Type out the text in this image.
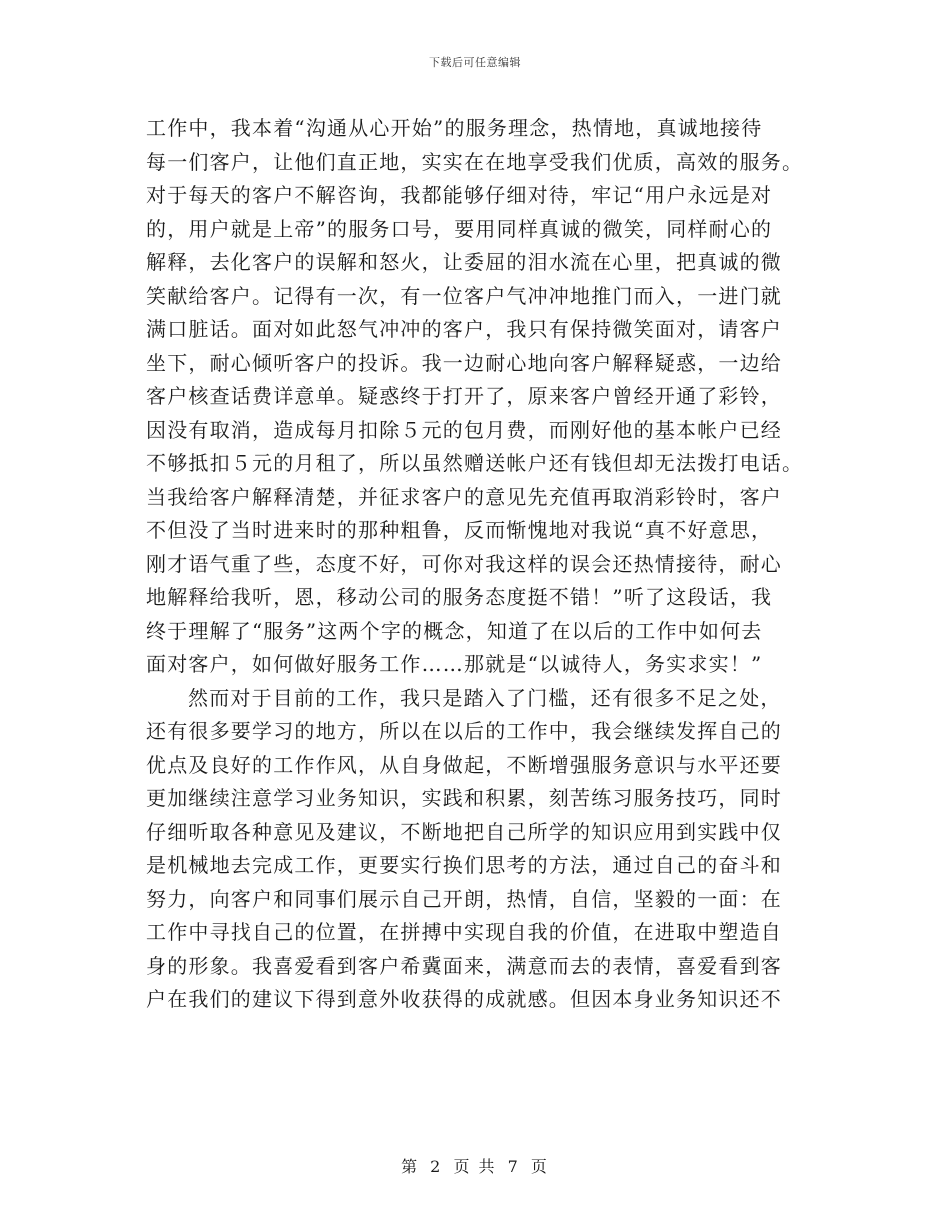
下载后可任意编辑

工作中，我本着“沟通从心开始”的服务理念，热情地，真诚地接待
每一们客户，让他们直正地，实实在在地享受我们优质，高效的服务。
对于每天的客户不解咨询，我都能够仔细对待，牢记“用户永远是对
的，用户就是上帝”的服务口号，要用同样真诚的微笑，同样耐心的
解释，去化客户的误解和怒火，让委屈的泪水流在心里，把真诚的微
笑献给客户。记得有一次，有一位客户气冲冲地推门而入，一进门就
满口脏话。面对如此怒气冲冲的客户，我只有保持微笑面对，请客户
坐下，耐心倾听客户的投诉。我一边耐心地向客户解释疑惑，一边给
客户核查话费详意单。疑惑终于打开了，原来客户曾经开通了彩铃，
因没有取消，造成每月扣除５元的包月费，而刚好他的基本帐户已经
不够抵扣５元的月租了，所以虽然赠送帐户还有钱但却无法拨打电话。
当我给客户解释清楚，并征求客户的意见先充值再取消彩铃时，客户
不但没了当时进来时的那种粗鲁，反而惭愧地对我说“真不好意思，
刚才语气重了些，态度不好，可你对我这样的误会还热情接待，耐心
地解释给我听，恩，移动公司的服务态度挺不错！”听了这段话，我
终于理解了“服务”这两个字的概念，知道了在以后的工作中如何去
面对客户，如何做好服务工作……那就是“以诚待人，务实求实！”

然而对于目前的工作，我只是踏入了门槛，还有很多不足之处，
还有很多要学习的地方，所以在以后的工作中，我会继续发挥自己的
优点及良好的工作作风，从自身做起，不断增强服务意识与水平还要
更加继续注意学习业务知识，实践和积累，刻苦练习服务技巧，同时
仔细听取各种意见及建议，不断地把自己所学的知识应用到实践中仅
是机械地去完成工作，更要实行换们思考的方法，通过自己的奋斗和
努力，向客户和同事们展示自己开朗，热情，自信，坚毅的一面：在
工作中寻找自己的位置，在拼搏中实现自我的价值，在进取中塑造自
身的形象。我喜爱看到客户希冀面来，满意而去的表情，喜爱看到客
户在我们的建议下得到意外收获得的成就感。但因本身业务知识还不

第 2 页 共 7 页
